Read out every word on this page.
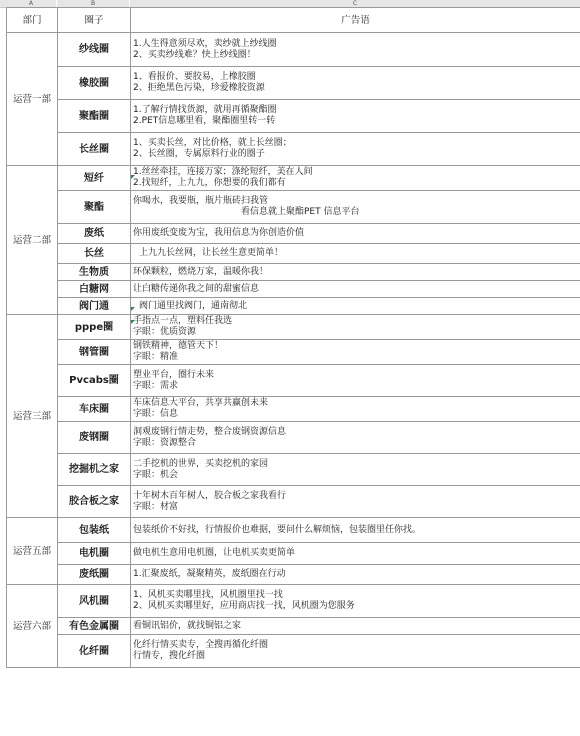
A	B	C
部门	圈子	广告语
运营一部	纱线圈	1.人生得意须尽欢，卖纱就上纱线圈
2、买卖纱线难？快上纱线圈！

	橡胶圈	1、看报价、要胶易，上橡胶圈
2、拒绝黑色污染，珍爱橡胶资源

	聚酯圈	1.了解行情找货源，就用再循聚酯圈
2.PET信息哪里看，聚酯圈里转一转

	长丝圈	1、买卖长丝，对比价格，就上长丝圈；
2、长丝圈，专属原料行业的圈子

运营二部	短纤	1.丝丝牵挂，连接万家；涤纶短纤，美在人间
2.找短纤，上九九，你想要的我们都有

	聚酯	你喝水，我要瓶，瓶片瓶砖扫我管
看信息就上聚酯PET 信息平台

	废纸	你用废纸变废为宝，我用信息为你创造价值

	长丝	上九九长丝网，让长丝生意更简单！

	生物质	环保颗粒，燃烧万家，温暖你我！

	白糖网	让白糖传递你我之间的甜蜜信息

	阀门通	阀门通里找阀门，通南彻北

运营三部	pppe圈	手指点一点，塑料任我选
字眼：优质资源

	钢管圈	钢铁精神，德管天下！
字眼：精准

	Pvcabs圈	塑业平台，圈行未来
字眼：需求

	车床圈	车床信息大平台，共享共赢创未来
字眼：信息

	废钢圈	洞观废钢行情走势，整合废钢资源信息
字眼：资源整合

	挖掘机之家	二手挖机的世界，买卖挖机的家园
字眼：机会

	胶合板之家	十年树木百年树人，胶合板之家我看行
字眼：材富

运营五部	包装纸	包装纸价不好找，行情报价也难据，要问什么解烦恼，包装圈里任你找。

	电机圈	做电机生意用电机圈，让电机买卖更简单

	废纸圈	1.汇聚废纸，凝聚精英，废纸圈在行动

运营六部	风机圈	1、风机买卖哪里找，风机圈里找一找
2、风机买卖哪里好，应用商店找一找，风机圈为您服务

	有色金属圈	看铜讯铝价，就找铜铝之家

	化纤圈	化纤行情买卖专，全搜再循化纤圈
行情专，搜化纤圈
